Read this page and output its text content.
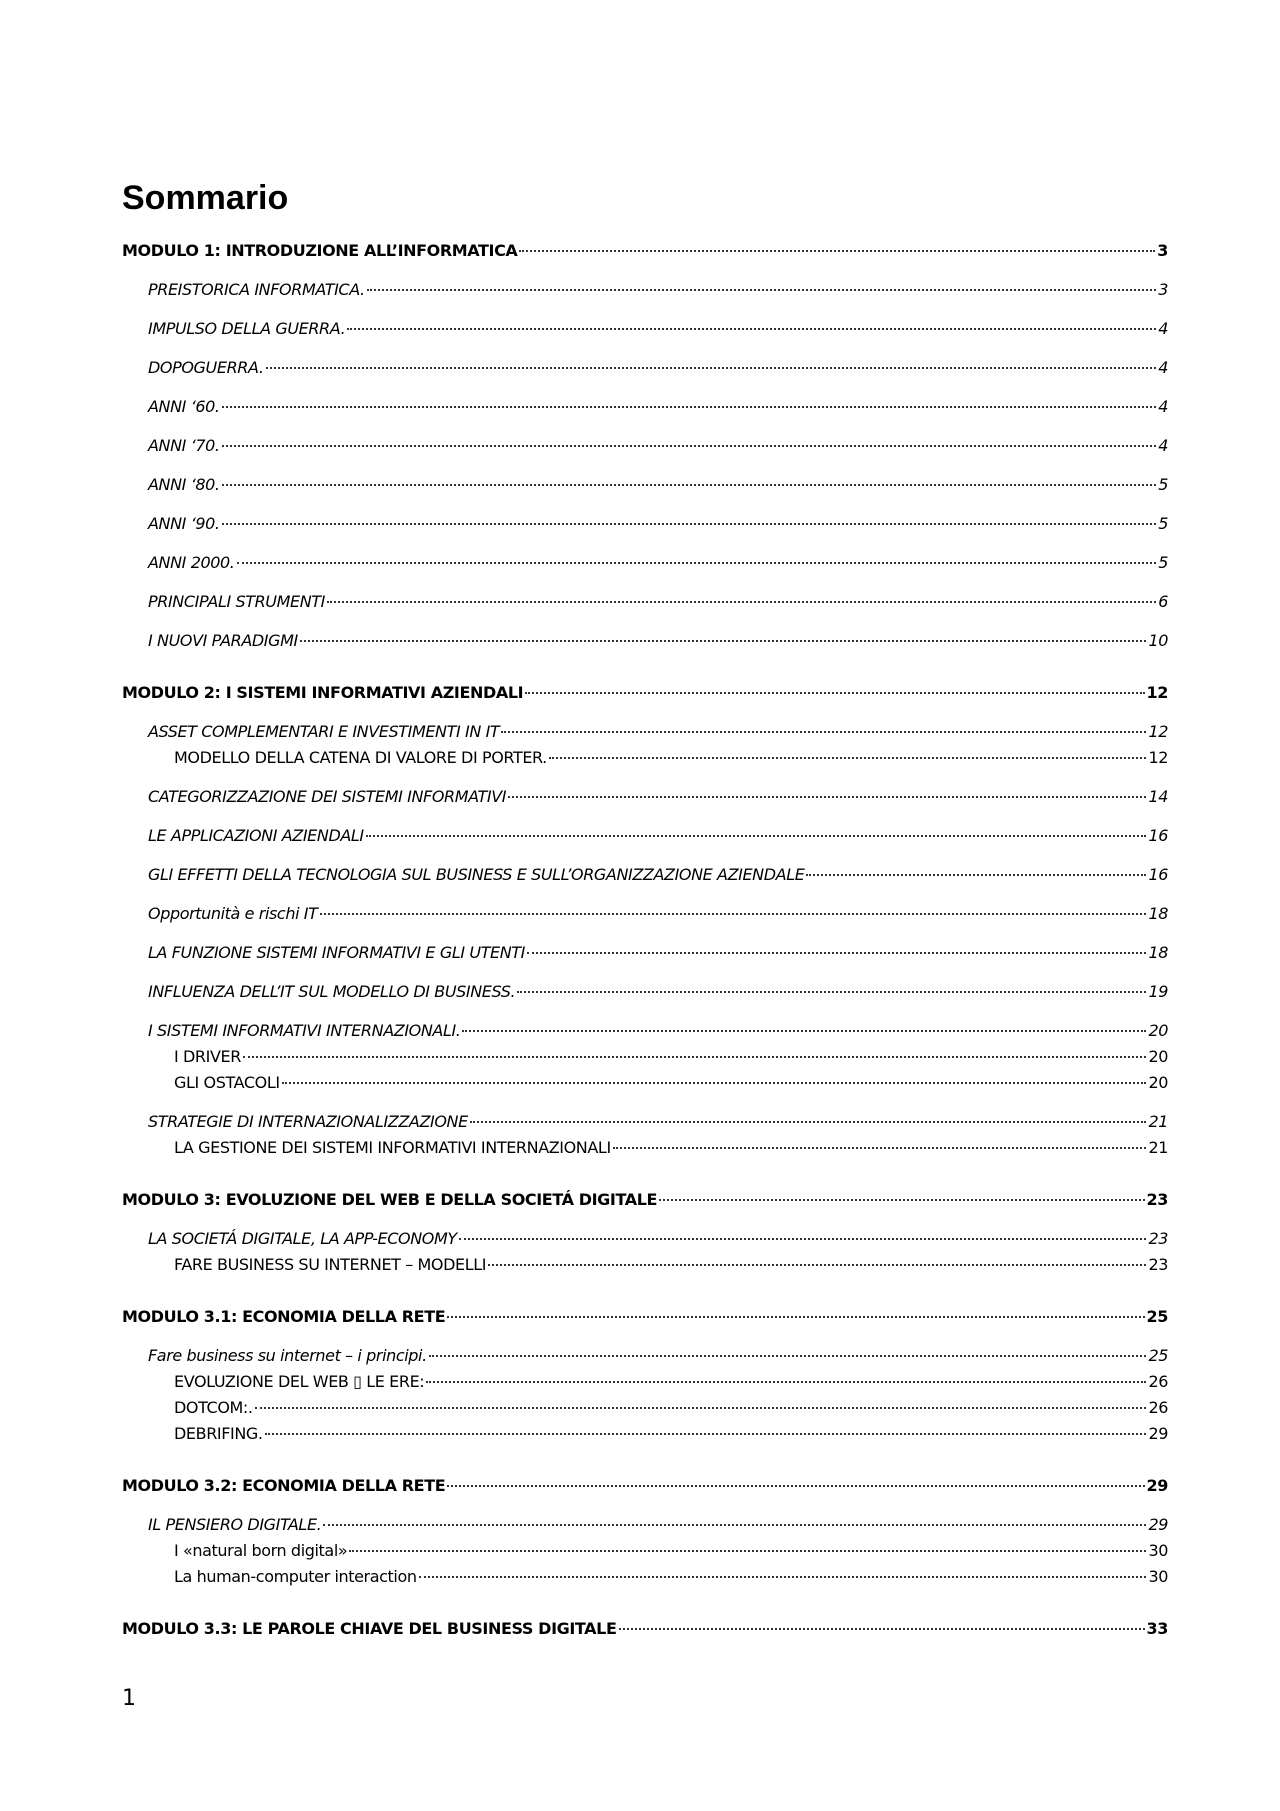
Sommario
MODULO 1: INTRODUZIONE ALL’INFORMATICA	3
PREISTORICA INFORMATICA.	3
IMPULSO DELLA GUERRA.	4
DOPOGUERRA.	4
ANNI ‘60.	4
ANNI ‘70.	4
ANNI ‘80.	5
ANNI ‘90.	5
ANNI 2000.	5
PRINCIPALI STRUMENTI	6
I NUOVI PARADIGMI	10
MODULO 2: I SISTEMI INFORMATIVI AZIENDALI	12
ASSET COMPLEMENTARI E INVESTIMENTI IN IT	12
MODELLO DELLA CATENA DI VALORE DI PORTER.	12
CATEGORIZZAZIONE DEI SISTEMI INFORMATIVI	14
LE APPLICAZIONI AZIENDALI	16
GLI EFFETTI DELLA TECNOLOGIA SUL BUSINESS E SULL’ORGANIZZAZIONE AZIENDALE	16
Opportunità e rischi IT	18
LA FUNZIONE SISTEMI INFORMATIVI E GLI UTENTI	18
INFLUENZA DELL’IT SUL MODELLO DI BUSINESS.	19
I SISTEMI INFORMATIVI INTERNAZIONALI.	20
I DRIVER	20
GLI OSTACOLI	20
STRATEGIE DI INTERNAZIONALIZZAZIONE	21
LA GESTIONE DEI SISTEMI INFORMATIVI INTERNAZIONALI	21
MODULO 3: EVOLUZIONE DEL WEB E DELLA SOCIETÁ DIGITALE	23
LA SOCIETÁ DIGITALE, LA APP-ECONOMY	23
FARE BUSINESS SU INTERNET – MODELLI	23
MODULO 3.1: ECONOMIA DELLA RETE	25
Fare business su internet – i principi.	25
EVOLUZIONE DEL WEB ▯ LE ERE:	26
DOTCOM:.	26
DEBRIFING.	29
MODULO 3.2: ECONOMIA DELLA RETE	29
IL PENSIERO DIGITALE.	29
I «natural born digital»	30
La human-computer interaction	30
MODULO 3.3: LE PAROLE CHIAVE DEL BUSINESS DIGITALE	33
1
